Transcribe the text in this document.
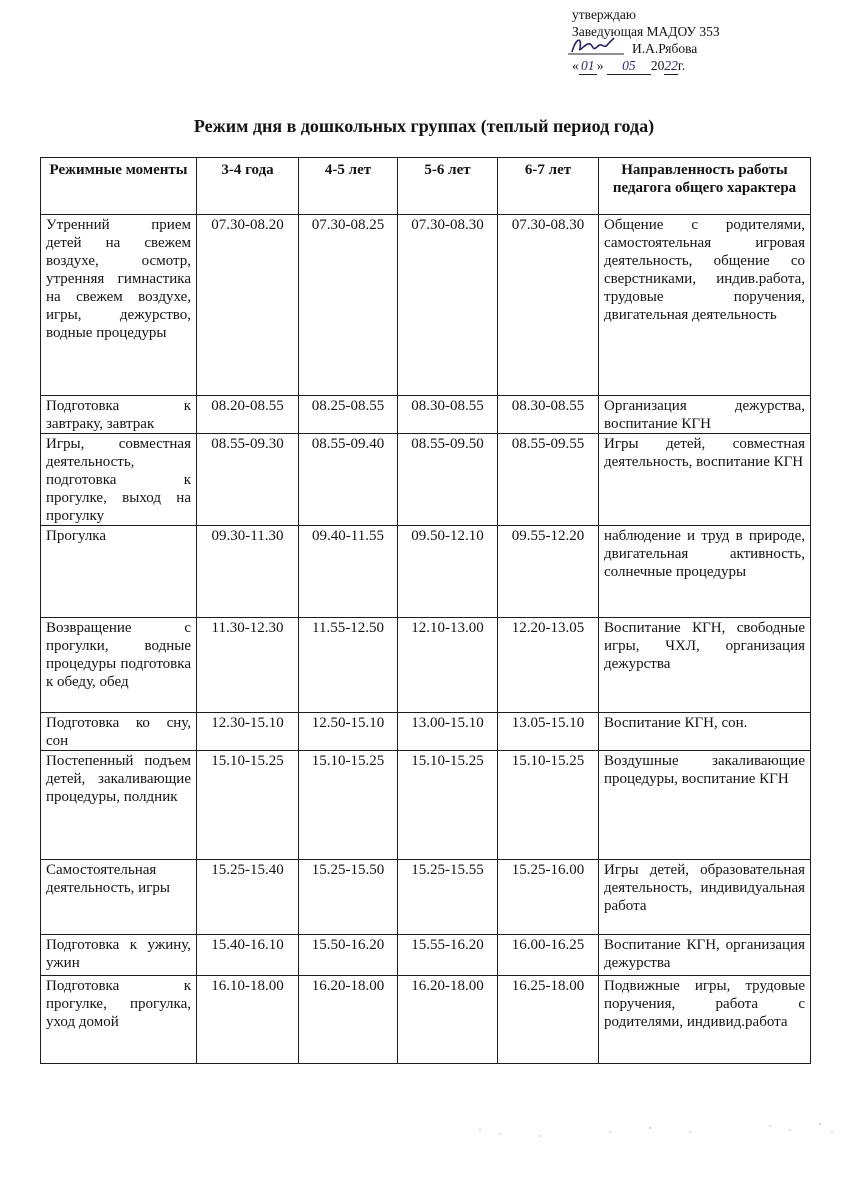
утверждаю
Заведующая МАДОУ 353
И.А.Рябова
« 01 » 05 2022г.
Режим дня в дошкольных группах (теплый период года)
Режимные моменты	3-4 года	4-5 лет	5-6 лет	6-7 лет	Направленность работы педагога общего характера
Утренний прием детей на свежем воздухе, осмотр, утренняя гимнастика на свежем воздухе, игры, дежурство, водные процедуры	07.30-08.20	07.30-08.25	07.30-08.30	07.30-08.30	Общение с родителями, самостоятельная игровая деятельность, общение со сверстниками, индив.работа, трудовые поручения, двигательная деятельность
Подготовка к завтраку, завтрак	08.20-08.55	08.25-08.55	08.30-08.55	08.30-08.55	Организация дежурства, воспитание КГН
Игры, совместная деятельность, подготовка к прогулке, выход на прогулку	08.55-09.30	08.55-09.40	08.55-09.50	08.55-09.55	Игры детей, совместная деятельность, воспитание КГН
Прогулка	09.30-11.30	09.40-11.55	09.50-12.10	09.55-12.20	наблюдение и труд в природе, двигательная активность, солнечные процедуры
Возвращение с прогулки, водные процедуры подготовка к обеду, обед	11.30-12.30	11.55-12.50	12.10-13.00	12.20-13.05	Воспитание КГН, свободные игры, ЧХЛ, организация дежурства
Подготовка ко сну, сон	12.30-15.10	12.50-15.10	13.00-15.10	13.05-15.10	Воспитание КГН, сон.
Постепенный подъем детей, закаливающие процедуры, полдник	15.10-15.25	15.10-15.25	15.10-15.25	15.10-15.25	Воздушные закаливающие процедуры, воспитание КГН
Самостоятельная деятельность, игры	15.25-15.40	15.25-15.50	15.25-15.55	15.25-16.00	Игры детей, образовательная деятельность, индивидуальная работа
Подготовка к ужину, ужин	15.40-16.10	15.50-16.20	15.55-16.20	16.00-16.25	Воспитание КГН, организация дежурства
Подготовка к прогулке, прогулка, уход домой	16.10-18.00	16.20-18.00	16.20-18.00	16.25-18.00	Подвижные игры, трудовые поручения, работа с родителями, индивид.работа
